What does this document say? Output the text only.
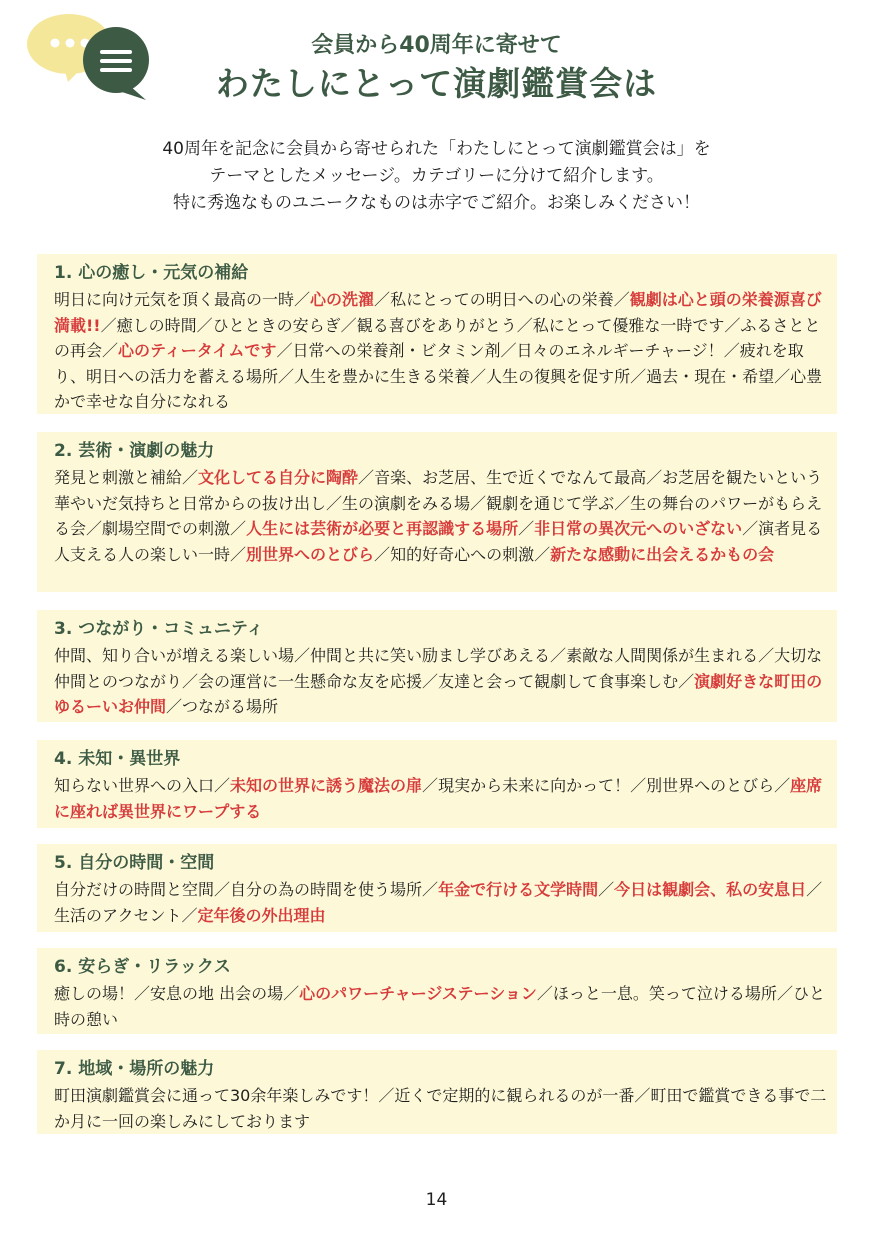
会員から40周年に寄せて
わたしにとって演劇鑑賞会は

40周年を記念に会員から寄せられた「わたしにとって演劇鑑賞会は」を

テーマとしたメッセージ。カテゴリーに分けて紹介します。

特に秀逸なものユニークなものは赤字でご紹介。お楽しみください！

1. 心の癒し・元気の補給

明日に向け元気を頂く最高の一時／心の洗濯／私にとっての明日への心の栄養／観劇は心と頭の栄養源喜び満載!!／癒しの時間／ひとときの安らぎ／観る喜びをありがとう／私にとって優雅な一時です／ふるさととの再会／心のティータイムです／日常への栄養剤・ビタミン剤／日々のエネルギーチャージ！／疲れを取り、明日への活力を蓄える場所／人生を豊かに生きる栄養／人生の復興を促す所／過去・現在・希望／心豊かで幸せな自分になれる

2. 芸術・演劇の魅力

発見と刺激と補給／文化してる自分に陶酔／音楽、お芝居、生で近くでなんて最高／お芝居を観たいという華やいだ気持ちと日常からの抜け出し／生の演劇をみる場／観劇を通じて学ぶ／生の舞台のパワーがもらえる会／劇場空間での刺激／人生には芸術が必要と再認識する場所／非日常の異次元へのいざない／演者見る人支える人の楽しい一時／別世界へのとびら／知的好奇心への刺激／新たな感動に出会えるかもの会

3. つながり・コミュニティ

仲間、知り合いが増える楽しい場／仲間と共に笑い励まし学びあえる／素敵な人間関係が生まれる／大切な仲間とのつながり／会の運営に一生懸命な友を応援／友達と会って観劇して食事楽しむ／演劇好きな町田のゆるーいお仲間／つながる場所

4. 未知・異世界

知らない世界への入口／未知の世界に誘う魔法の扉／現実から未来に向かって！／別世界へのとびら／座席に座れば異世界にワープする

5. 自分の時間・空間

自分だけの時間と空間／自分の為の時間を使う場所／年金で行ける文学時間／今日は観劇会、私の安息日／生活のアクセント／定年後の外出理由

6. 安らぎ・リラックス

癒しの場！／安息の地 出会の場／心のパワーチャージステーション／ほっと一息。笑って泣ける場所／ひと時の憩い

7. 地域・場所の魅力

町田演劇鑑賞会に通って30余年楽しみです！／近くで定期的に観られるのが一番／町田で鑑賞できる事で二か月に一回の楽しみにしております

14
